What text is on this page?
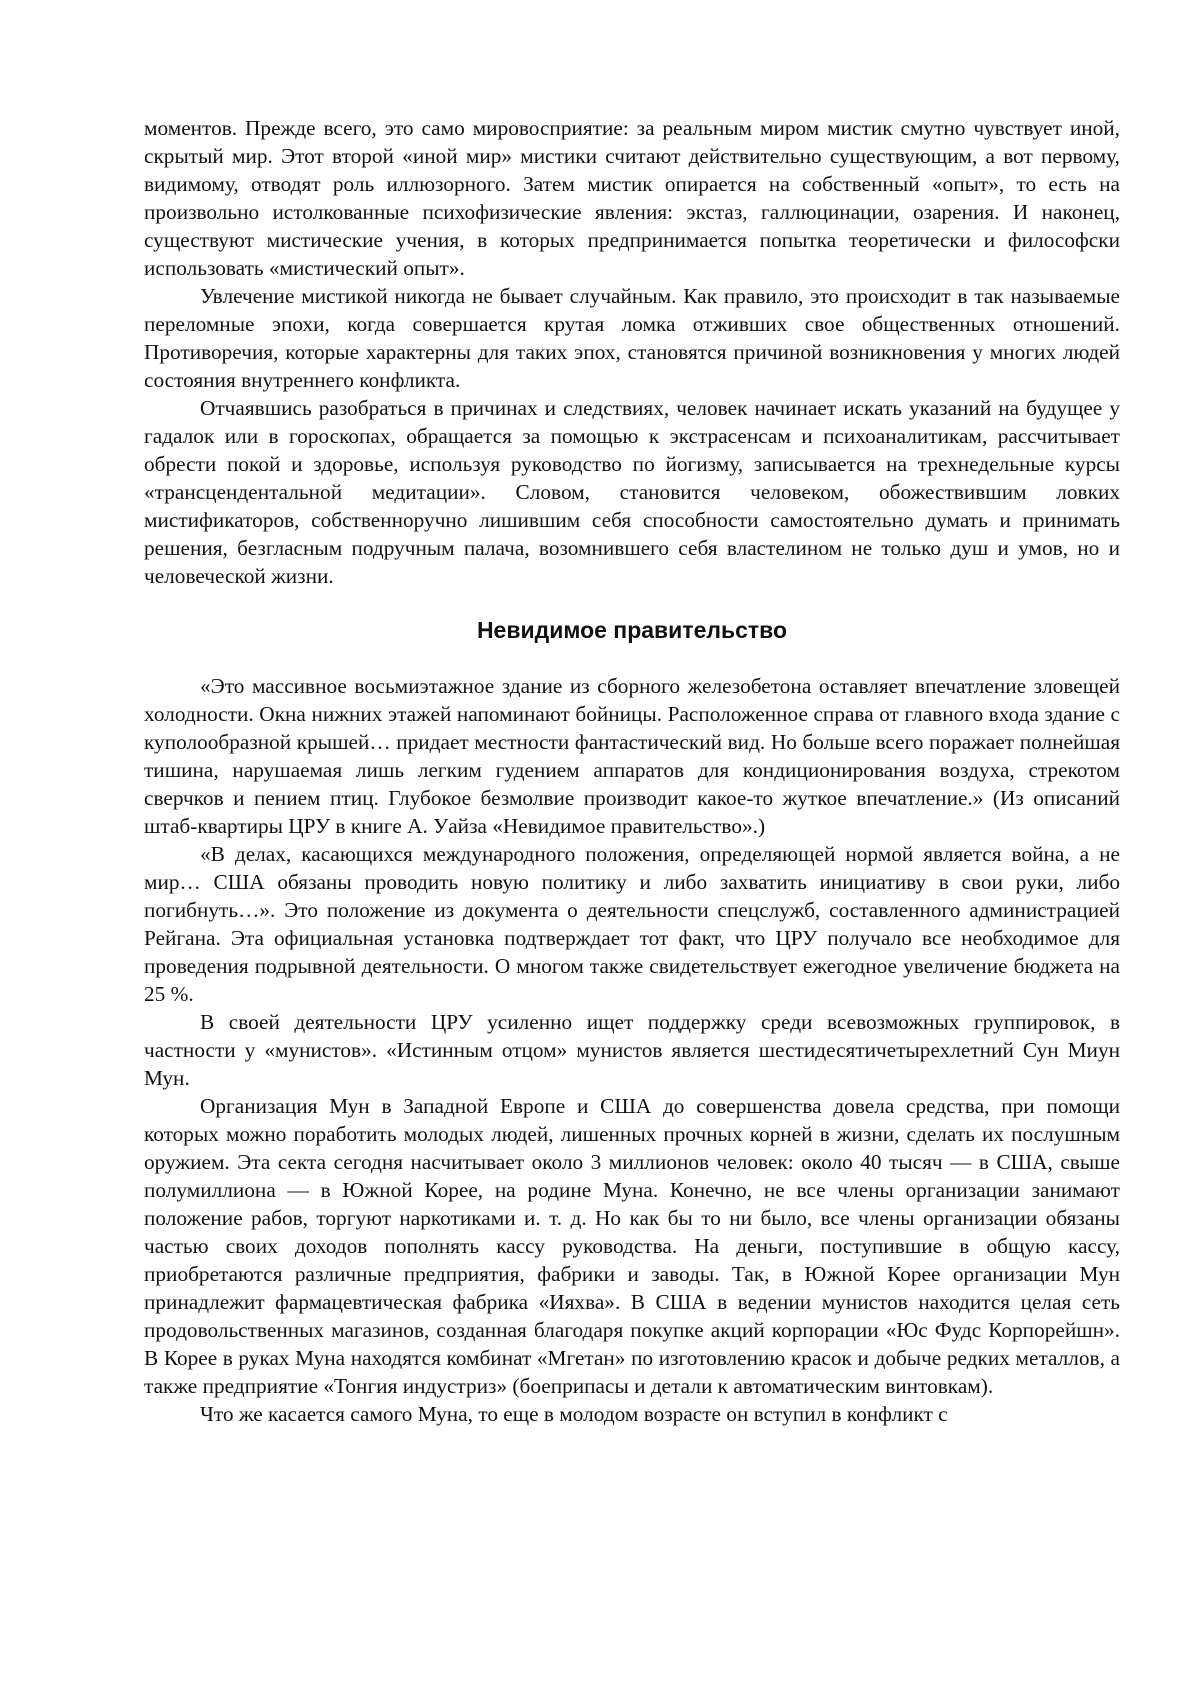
моментов. Прежде всего, это само мировосприятие: за реальным миром мистик смутно чувствует иной, скрытый мир. Этот второй «иной мир» мистики считают действительно существующим, а вот первому, видимому, отводят роль иллюзорного. Затем мистик опирается на собственный «опыт», то есть на произвольно истолкованные психофизические явления: экстаз, галлюцинации, озарения. И наконец, существуют мистические учения, в которых предпринимается попытка теоретически и философски использовать «мистический опыт».

Увлечение мистикой никогда не бывает случайным. Как правило, это происходит в так называемые переломные эпохи, когда совершается крутая ломка отживших свое общественных отношений. Противоречия, которые характерны для таких эпох, становятся причиной возникновения у многих людей состояния внутреннего конфликта.

Отчаявшись разобраться в причинах и следствиях, человек начинает искать указаний на будущее у гадалок или в гороскопах, обращается за помощью к экстрасенсам и психоаналитикам, рассчитывает обрести покой и здоровье, используя руководство по йогизму, записывается на трехнедельные курсы «трансцендентальной медитации». Словом, становится человеком, обожествившим ловких мистификаторов, собственноручно лишившим себя способности самостоятельно думать и принимать решения, безгласным подручным палача, возомнившего себя властелином не только душ и умов, но и человеческой жизни.

Невидимое правительство

«Это массивное восьмиэтажное здание из сборного железобетона оставляет впечатление зловещей холодности. Окна нижних этажей напоминают бойницы. Расположенное справа от главного входа здание с куполообразной крышей… придает местности фантастический вид. Но больше всего поражает полнейшая тишина, нарушаемая лишь легким гудением аппаратов для кондиционирования воздуха, стрекотом сверчков и пением птиц. Глубокое безмолвие производит какое-то жуткое впечатление.» (Из описаний штаб-квартиры ЦРУ в книге А. Уайза «Невидимое правительство».)

«В делах, касающихся международного положения, определяющей нормой является война, а не мир… США обязаны проводить новую политику и либо захватить инициативу в свои руки, либо погибнуть…». Это положение из документа о деятельности спецслужб, составленного администрацией Рейгана. Эта официальная установка подтверждает тот факт, что ЦРУ получало все необходимое для проведения подрывной деятельности. О многом также свидетельствует ежегодное увеличение бюджета на 25 %.

В своей деятельности ЦРУ усиленно ищет поддержку среди всевозможных группировок, в частности у «мунистов». «Истинным отцом» мунистов является шестидесятичетырехлетний Сун Миун Мун.

Организация Мун в Западной Европе и США до совершенства довела средства, при помощи которых можно поработить молодых людей, лишенных прочных корней в жизни, сделать их послушным оружием. Эта секта сегодня насчитывает около 3 миллионов человек: около 40 тысяч — в США, свыше полумиллиона — в Южной Корее, на родине Муна. Конечно, не все члены организации занимают положение рабов, торгуют наркотиками и. т. д. Но как бы то ни было, все члены организации обязаны частью своих доходов пополнять кассу руководства. На деньги, поступившие в общую кассу, приобретаются различные предприятия, фабрики и заводы. Так, в Южной Корее организации Мун принадлежит фармацевтическая фабрика «Ияхва». В США в ведении мунистов находится целая сеть продовольственных магазинов, созданная благодаря покупке акций корпорации «Юс Фудс Корпорейшн». В Корее в руках Муна находятся комбинат «Мгетан» по изготовлению красок и добыче редких металлов, а также предприятие «Тонгия индустриз» (боеприпасы и детали к автоматическим винтовкам).

Что же касается самого Муна, то еще в молодом возрасте он вступил в конфликт с
